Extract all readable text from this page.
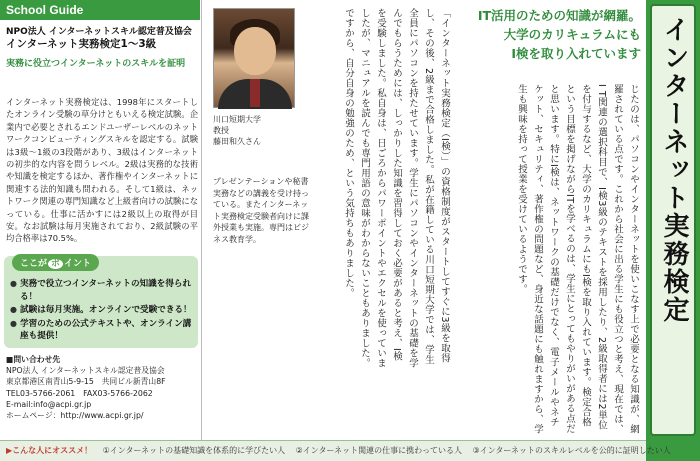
School Guide
NPO法人 インターネットスキル認定普及協会
インターネット実務検定1～3級
実務に役立つインターネットのスキルを証明
インターネット実務検定は、1998年にスタートしたオンライン受験の草分けともいえる検定試験。企業内で必要とされるエンドユーザーレベルのネットワークコンピューティングスキルを認定する。試験は3級～1級の3段階があり、3級はインターネットの初歩的な内容を問うレベル。2級は実務的な技術や知識を検定するほか、著作権やインターネットに関連する法的知識も問われる。そして1級は、ネットワーク関連の専門知識など上級者向けの試験になっている。仕事に活かすには2級以上の取得が目安。なお試験は毎月実施されており、2級試験の平均合格率は70.5%。
ここが ポ イント
● 実務で役立つインターネットの知識を得られる！
● 試験は毎月実施。オンラインで受験できる！
● 学習のための公式テキストや、オンライン講座も提供！
■問い合わせ先
NPO法人 インターネットスキル認定普及協会
東京都港区南青山5-9-15　共同ビル新青山8F
TEL03-5766-2061　FAX03-5766-2062
E-mail:info@acpi.gr.jp
ホームページ：http://www.acpi.gr.jp/
川口短期大学
教授
藤田和久さん
プレゼンテーションや秘書実務などの講義を受け持っている。またインターネット実務検定受験者向けに課外授業も実施。専門はビジネス教育学。
IT活用のための知識が網羅。
大学のカリキュラムにも
I検を取り入れています
「インターネット実務検定（I検）」の資格制度がスタートしてすぐに3級を取得し、その後、2級まで合格しました。私が在籍している川口短期大学では、学生全員にパソコンを持たせています。学生にパソコンやインターネットの基礎を学んでもらうためには、しっかりした知識を習得しておく必要があると考え、I検を受験しました。私自身は、日ごろからパワーポイントやエクセルを使っていましたが、マニュアルを読んでも専門用語の意味がわからないこともありました。ですから、自分自身の勉強のため、という気持ちもありました。	じたのは、パソコンやインターネットを使いこなす上で必要となる知識が、網羅されている点です。これから社会に出る学生にも役立つと考え、現在では、I T関連の選択科目で、I検3級のテキストを採用したり、2級取得者には2単位を付与するなど、大学のカリキュラムにもI検を取り入れています。検定合格という目標を掲げながらITを学べるのは、学生にとってもやりがいがある点だと思います。特にI検は、ネットワークの基礎だけでなく、電子メールやネチケット、セキュリティ、著作権の問題など、身近な話題にも触れますから、学生も興味を持って授業を受けているようです。	インターネット実務検定
▶こんな人にオススメ！ ①インターネットの基礎知識を体系的に学びたい人 ②インターネット関連の仕事に携わっている人 ③インターネットのスキルレベルを公的に証明したい人
